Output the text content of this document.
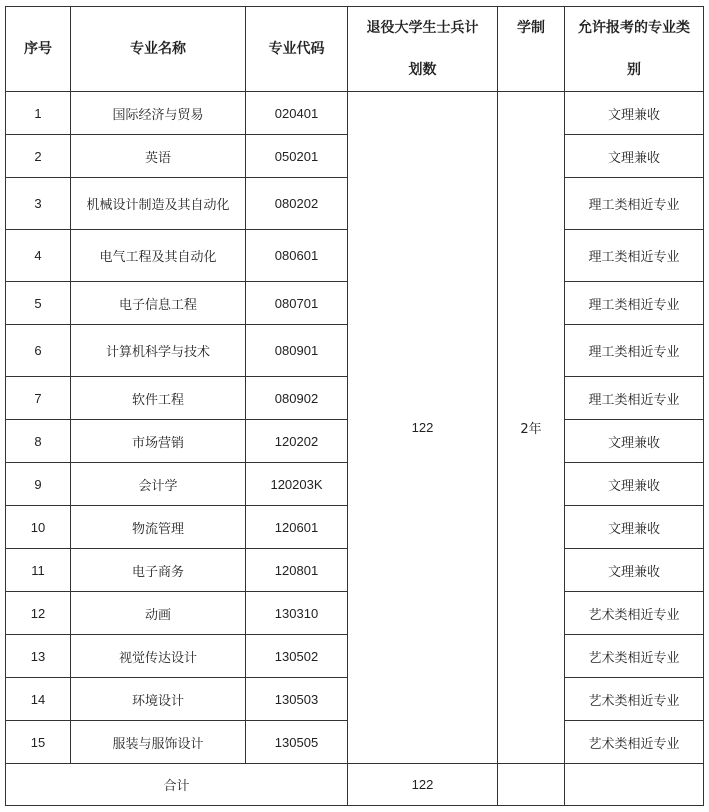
序号	专业名称	专业代码	退役大学生士兵计划数	学制	允许报考的专业类别
1	国际经济与贸易	020401	122	2年	文理兼收
2	英语	050201			文理兼收
3	机械设计制造及其自动化	080202			理工类相近专业
4	电气工程及其自动化	080601			理工类相近专业
5	电子信息工程	080701			理工类相近专业
6	计算机科学与技术	080901			理工类相近专业
7	软件工程	080902			理工类相近专业
8	市场营销	120202			文理兼收
9	会计学	120203K			文理兼收
10	物流管理	120601			文理兼收
11	电子商务	120801			文理兼收
12	动画	130310			艺术类相近专业
13	视觉传达设计	130502			艺术类相近专业
14	环境设计	130503			艺术类相近专业
15	服装与服饰设计	130505			艺术类相近专业
合计			122		
